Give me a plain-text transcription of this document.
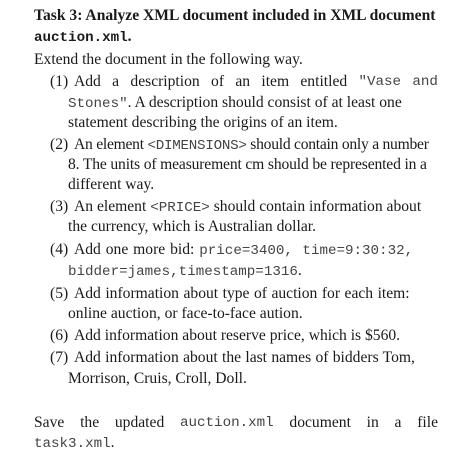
Task 3: Analyze XML document included in XML document
auction.xml.
Extend the document in the following way.
(1) Add a description of an item entitled "Vase and
Stones". A description should consist of at least one
statement describing the origins of an item.
(2) An element <DIMENSIONS> should contain only a number
8. The units of measurement cm should be represented in a
different way.
(3) An element <PRICE> should contain information about
the currency, which is Australian dollar.
(4) Add one more bid: price=3400, time=9:30:32,
bidder=james,timestamp=1316.
(5) Add information about type of auction for each item:
online auction, or face-to-face aution.
(6) Add information about reserve price, which is $560.
(7) Add information about the last names of bidders Tom,
Morrison, Cruis, Croll, Doll.
Save the updated auction.xml document in a file
task3.xml.
